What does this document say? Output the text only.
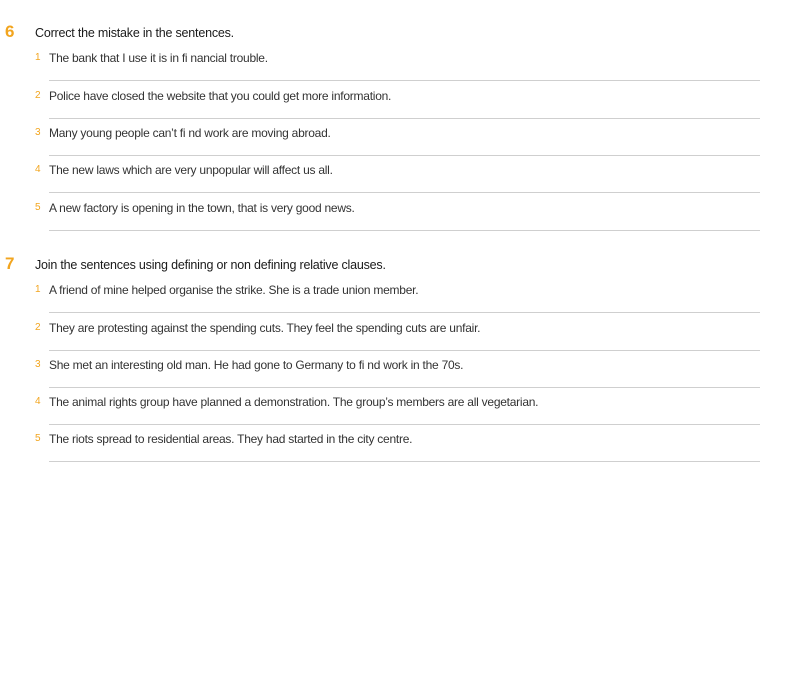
6 Correct the mistake in the sentences.
1 The bank that I use it is in fi nancial trouble.
2 Police have closed the website that you could get more information.
3 Many young people can’t fi nd work are moving abroad.
4 The new laws which are very unpopular will affect us all.
5 A new factory is opening in the town, that is very good news.
7 Join the sentences using defining or non defining relative clauses.
1 A friend of mine helped organise the strike. She is a trade union member.
2 They are protesting against the spending cuts. They feel the spending cuts are unfair.
3 She met an interesting old man. He had gone to Germany to fi nd work in the 70s.
4 The animal rights group have planned a demonstration. The group’s members are all vegetarian.
5 The riots spread to residential areas. They had started in the city centre.
